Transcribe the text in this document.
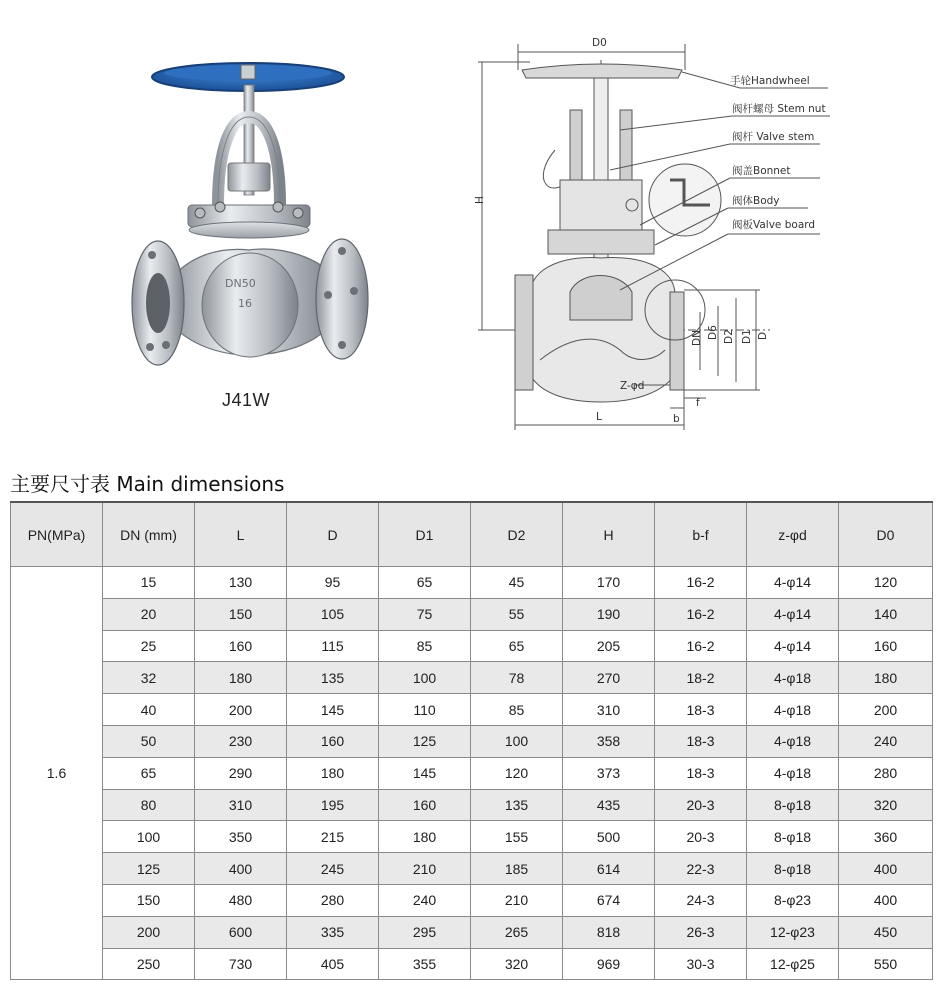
DN50
16
J41W
D0
H
L
DN D6 D2 D1 D
Z-φd
b
f
手轮Handwheel
阀杆螺母 Stem nut
阀杆 Valve stem
阀盖Bonnet
阀体Body
阀板Valve board
主要尺寸表 Main dimensions
PN(MPa)	DN (mm)	L	D	D1	D2	H	b-f	z-φd	D0
1.6	15	130	95	65	45	170	16-2	4-φ14	120
	20	150	105	75	55	190	16-2	4-φ14	140
	25	160	115	85	65	205	16-2	4-φ14	160
	32	180	135	100	78	270	18-2	4-φ18	180
	40	200	145	110	85	310	18-3	4-φ18	200
	50	230	160	125	100	358	18-3	4-φ18	240
	65	290	180	145	120	373	18-3	4-φ18	280
	80	310	195	160	135	435	20-3	8-φ18	320
	100	350	215	180	155	500	20-3	8-φ18	360
	125	400	245	210	185	614	22-3	8-φ18	400
	150	480	280	240	210	674	24-3	8-φ23	400
	200	600	335	295	265	818	26-3	12-φ23	450
	250	730	405	355	320	969	30-3	12-φ25	550
